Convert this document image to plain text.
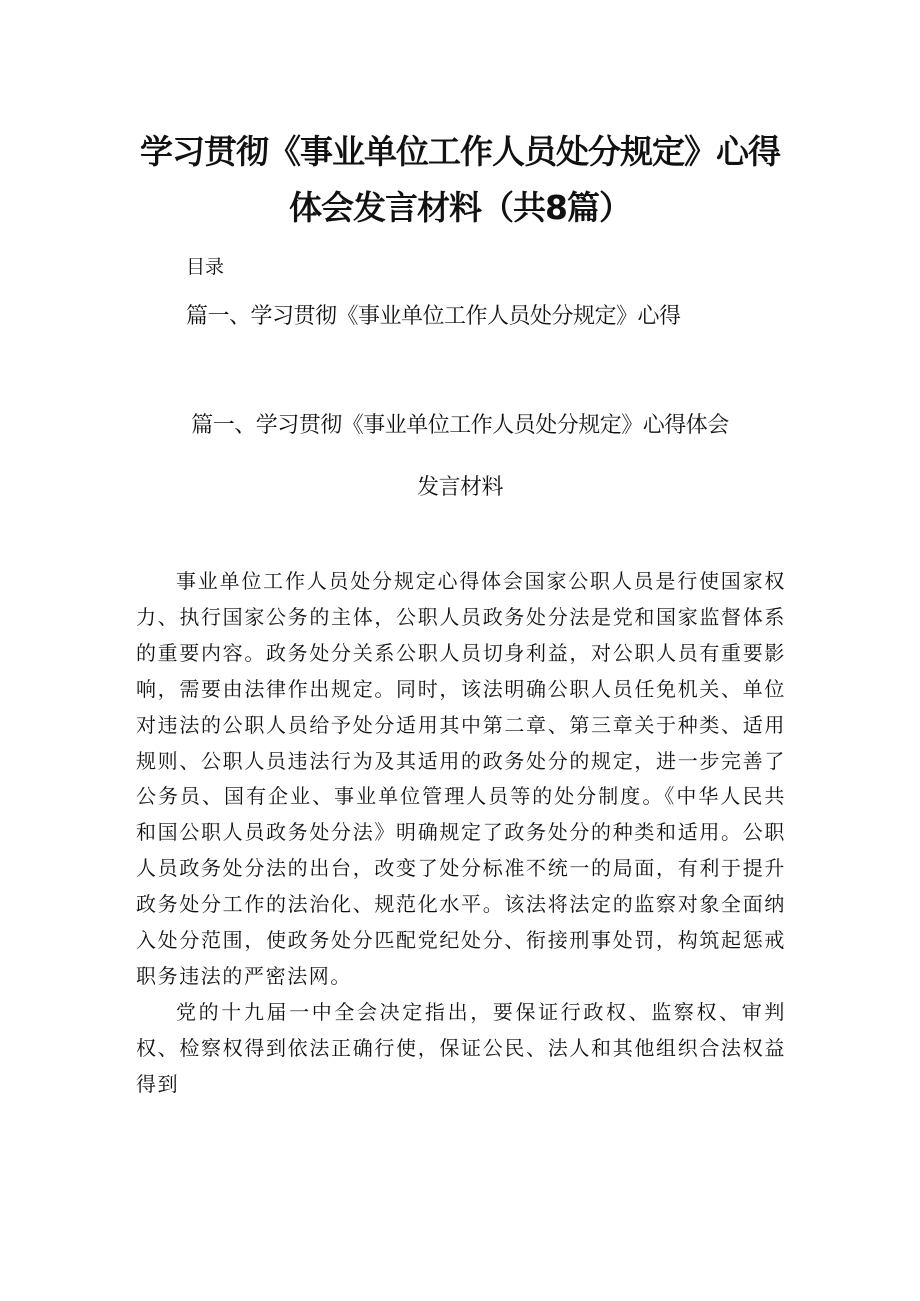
学习贯彻《事业单位工作人员处分规定》心得
体会发言材料（共8篇）
目录
篇一、学习贯彻《事业单位工作人员处分规定》心得
篇一、学习贯彻《事业单位工作人员处分规定》心得体会
发言材料

事业单位工作人员处分规定心得体会国家公职人员是行使国家权力、执行国家公务的主体，公职人员政务处分法是党和国家监督体系的重要内容。政务处分关系公职人员切身利益，对公职人员有重要影响，需要由法律作出规定。同时，该法明确公职人员任免机关、单位对违法的公职人员给予处分适用其中第二章、第三章关于种类、适用规则、公职人员违法行为及其适用的政务处分的规定，进一步完善了公务员、国有企业、事业单位管理人员等的处分制度。《中华人民共和国公职人员政务处分法》明确规定了政务处分的种类和适用。公职人员政务处分法的出台，改变了处分标准不统一的局面，有利于提升政务处分工作的法治化、规范化水平。该法将法定的监察对象全面纳入处分范围，使政务处分匹配党纪处分、衔接刑事处罚，构筑起惩戒职务违法的严密法网。

党的十九届一中全会决定指出，要保证行政权、监察权、审判权、检察权得到依法正确行使，保证公民、法人和其他组织合法权益得到
